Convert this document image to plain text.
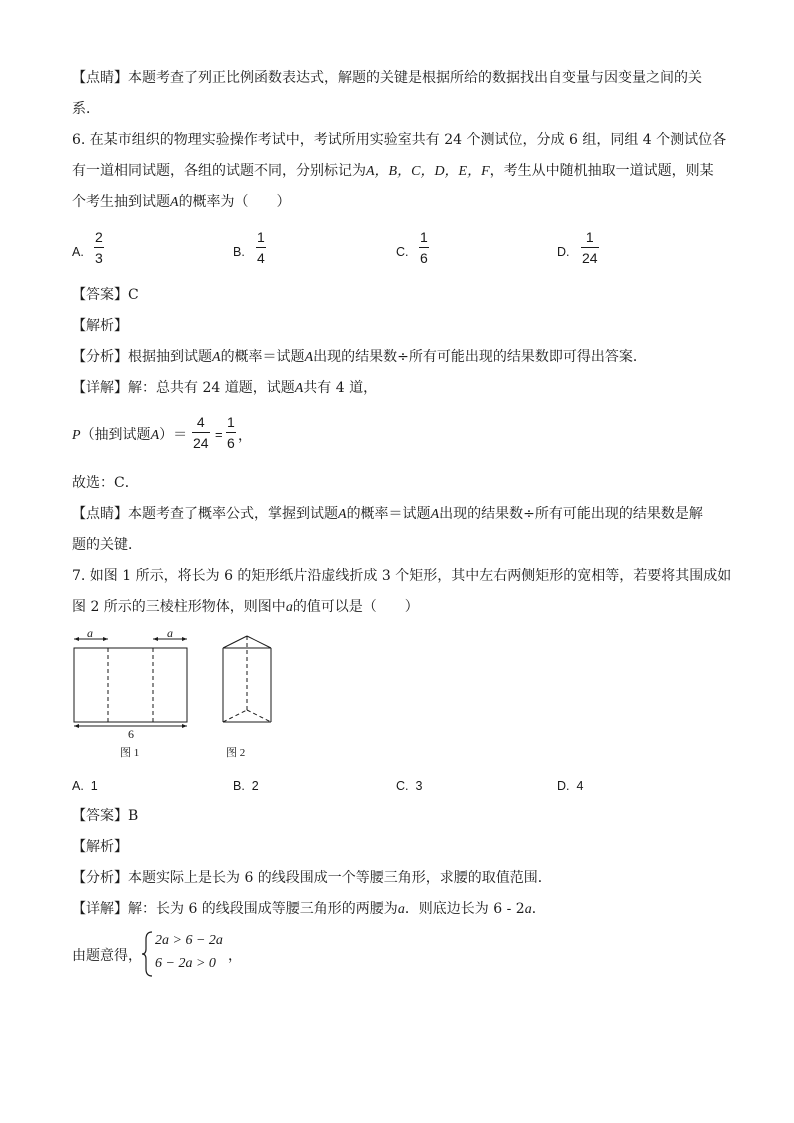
【点睛】本题考查了列正比例函数表达式，解题的关键是根据所给的数据找出自变量与因变量之间的关
系．
6. 在某市组织的物理实验操作考试中，考试所用实验室共有 24 个测试位，分成 6 组，同组 4 个测试位各
有一道相同试题，各组的试题不同，分别标记为A，B，C，D，E，F，考生从中随机抽取一道试题，则某
个考生抽到试题A的概率为（　　）
A.
2
3	B.
1
4	C.
1
6	D.
1
24
【答案】C
【解析】
【分析】根据抽到试题A的概率＝试题A出现的结果数÷所有可能出现的结果数即可得出答案．
【详解】解：总共有 24 道题，试题A共有 4 道，
P（抽到试题A）＝
4
24
=
1
6 ，
故选：C．
【点睛】本题考查了概率公式，掌握到试题A的概率＝试题A出现的结果数÷所有可能出现的结果数是解
题的关键．
7. 如图 1 所示，将长为 6 的矩形纸片沿虚线折成 3 个矩形，其中左右两侧矩形的宽相等，若要将其围成如
图 2 所示的三棱柱形物体，则图中a的值可以是（　　）
a	a
6
图 1	图 2
A. 1	B. 2	C. 3	D. 4
【答案】B
【解析】
【分析】本题实际上是长为 6 的线段围成一个等腰三角形，求腰的取值范围．
【详解】解：长为 6 的线段围成等腰三角形的两腰为a．则底边长为 6 - 2a．
由题意得，
2a > 6 − 2a
6 − 2a > 0 ，
